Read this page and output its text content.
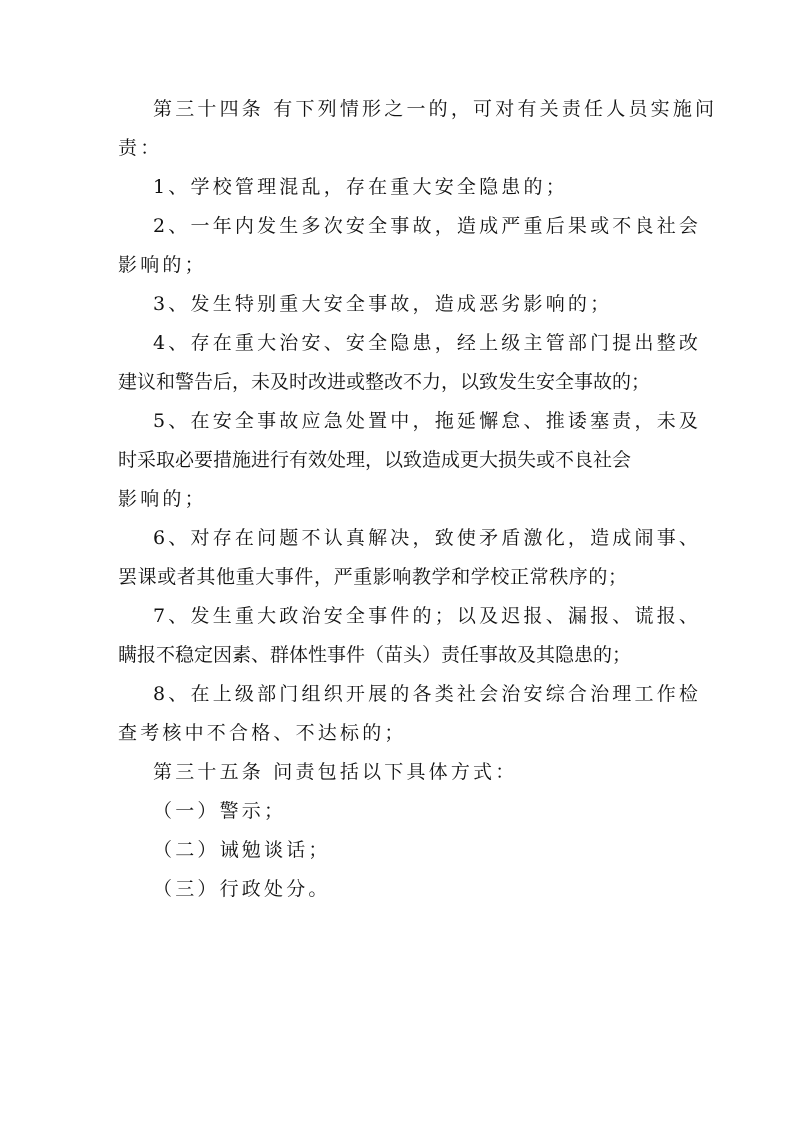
第三十四条 有下列情形之一的，可对有关责任人员实施问
责：
1、学校管理混乱，存在重大安全隐患的；
2、一年内发生多次安全事故，造成严重后果或不良社会
影响的；
3、发生特别重大安全事故，造成恶劣影响的；
4、存在重大治安、安全隐患，经上级主管部门提出整改
建议和警告后，未及时改进或整改不力，以致发生安全事故的；
5、在安全事故应急处置中，拖延懈怠、推诿塞责，未及
时采取必要措施进行有效处理，以致造成更大损失或不良社会
影响的；
6、对存在问题不认真解决，致使矛盾激化，造成闹事、
罢课或者其他重大事件，严重影响教学和学校正常秩序的；
7、发生重大政治安全事件的；以及迟报、漏报、谎报、
瞒报不稳定因素、群体性事件（苗头）责任事故及其隐患的；
8、在上级部门组织开展的各类社会治安综合治理工作检
查考核中不合格、不达标的；
第三十五条 问责包括以下具体方式：
（一）警示；
（二）诫勉谈话；
（三）行政处分。
